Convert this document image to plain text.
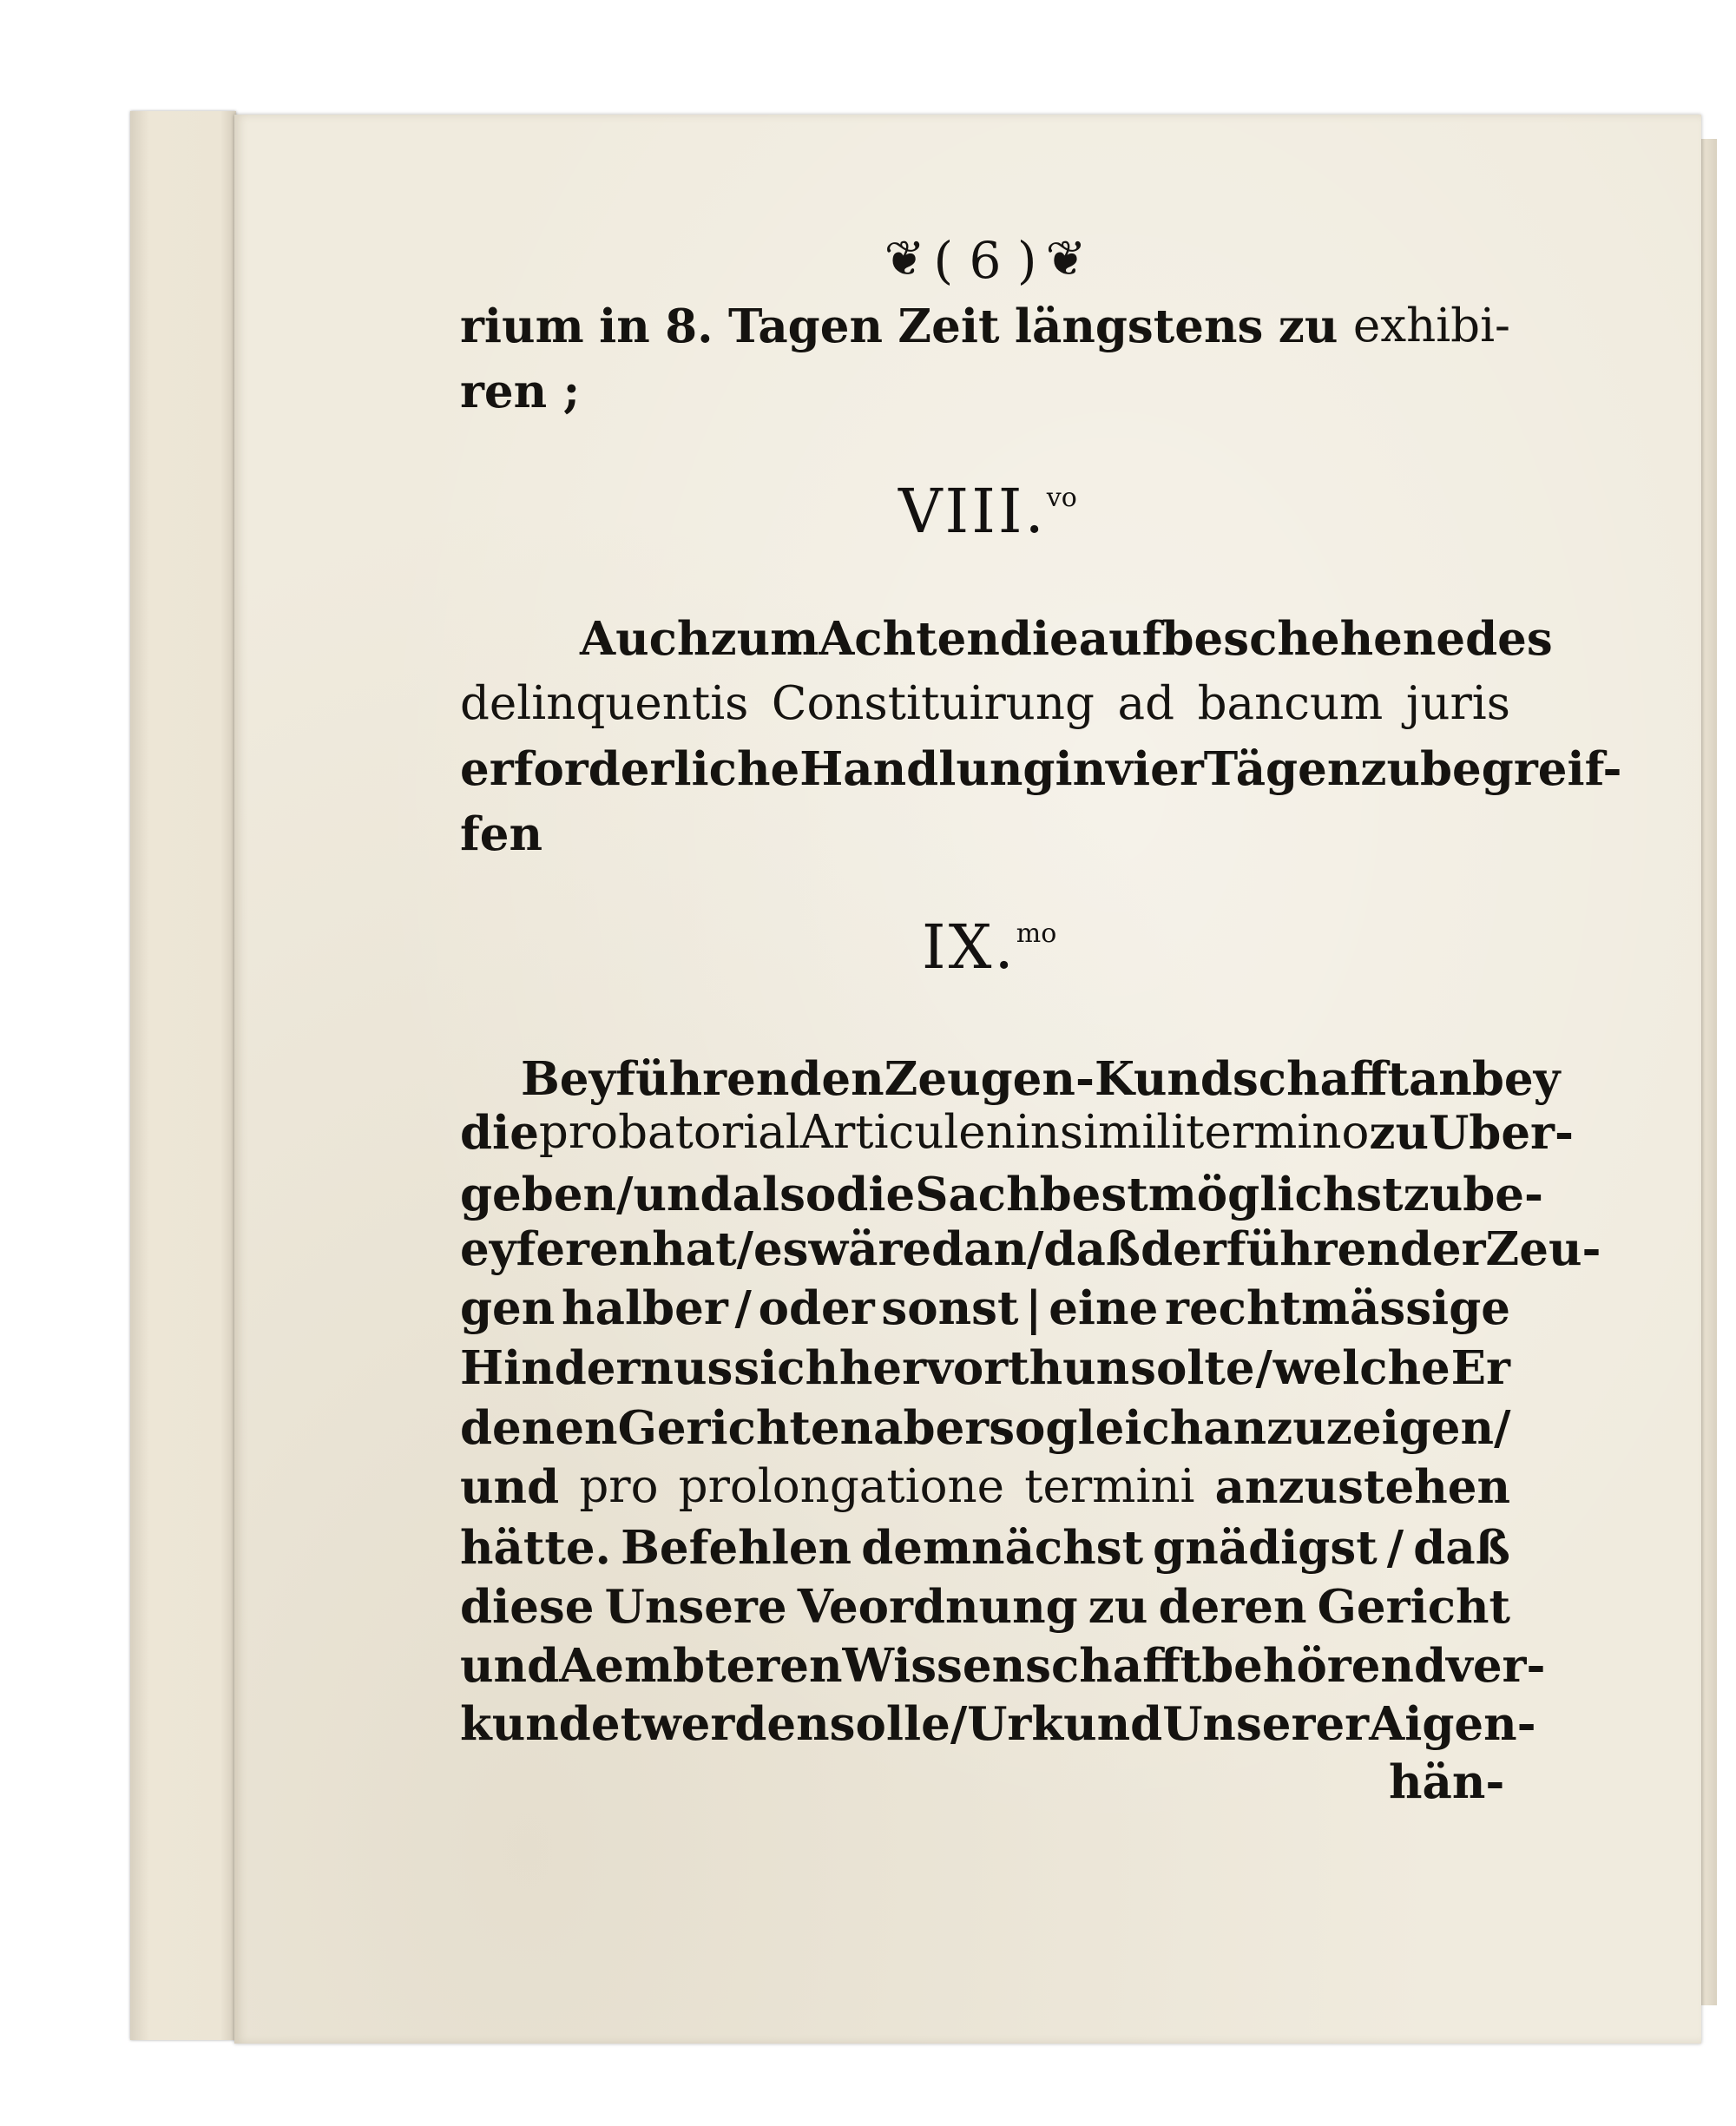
❦ ( 6 ) ❦
rium in 8. Tagen Zeit längstens zu exhibi-
ren ;
VIII.$^{vo}$
Auch zum Achten die auf beschehene des
delinquentis Constituirung ad bancum juris
erforderliche Handlung in vier Tägen zu begreif-
fen
IX.$^{mo}$
Bey führen den Zeugen - Kundschafft anbey
die probatorial Articulen in simili termino zu Uber-
geben / und also die Sach bestmöglichst zu be-
eyferen hat/ es wäre dan/ daß der führender Zeu-
gen halber / oder sonst | eine rechtmässige
Hindernus sich hervorthun solte / welche Er
denen Gerichten aber so gleich anzuzeigen /
und pro prolongatione termini anzustehen
hätte. Befehlen demnächst gnädigst / daß
diese Unsere Veordnung zu deren Gericht
und Aembteren Wissenschafft behörend ver-
kundet werden solle / Urkund Unserer Aigen-
hän-
